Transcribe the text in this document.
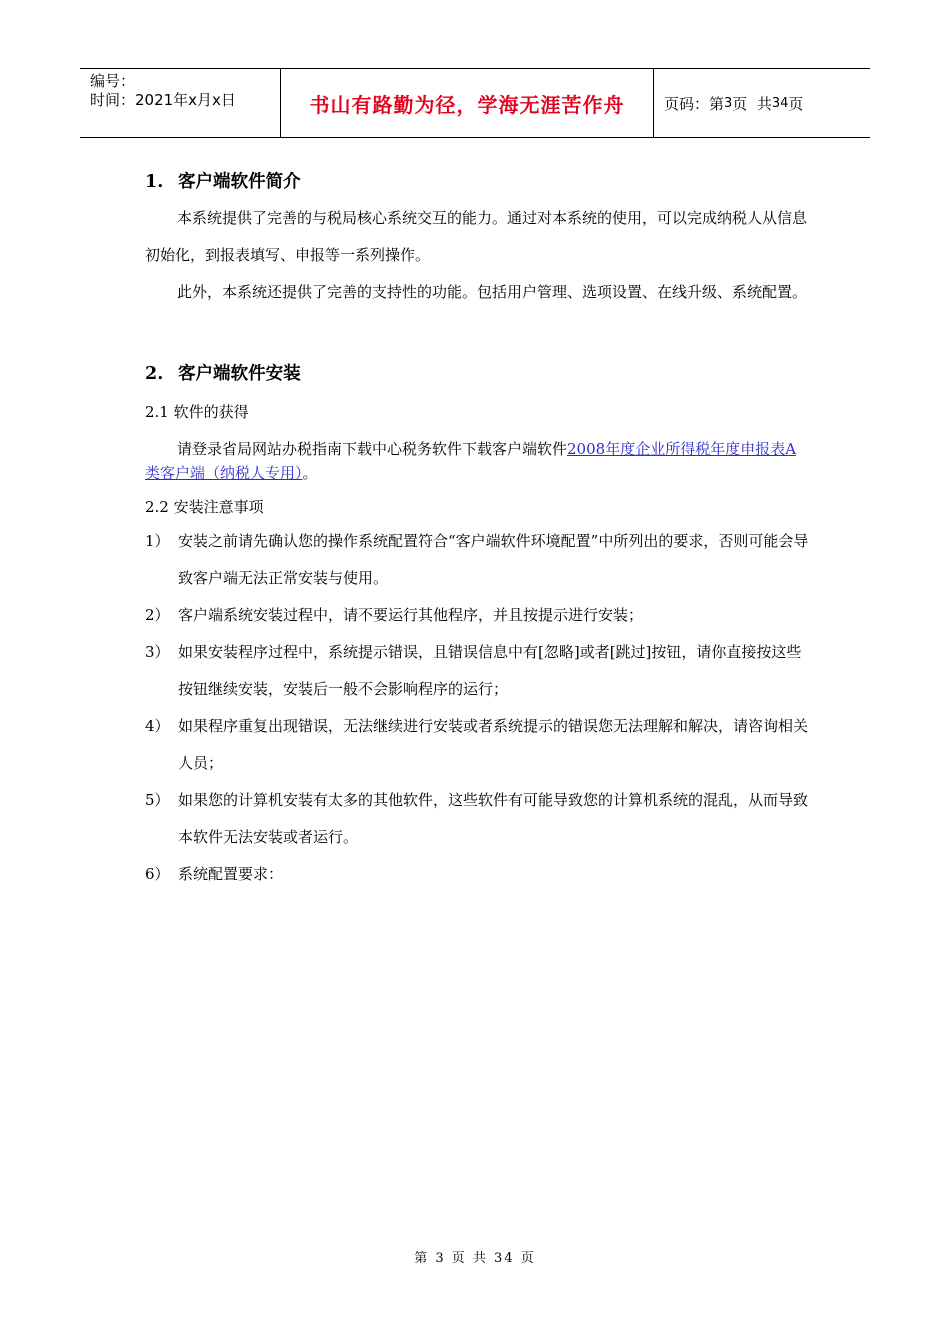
编号：
时间：2021年x月x日	书山有路勤为径，学海无涯苦作舟	页码：第 3 页  共 34 页
1. 客户端软件简介

本系统提供了完善的与税局核心系统交互的能力。通过对本系统的使用，可以完成纳税人从信息初始化，到报表填写、申报等一系列操作。

此外，本系统还提供了完善的支持性的功能。包括用户管理、选项设置、在线升级、系统配置。

2. 客户端软件安装

2.1 软件的获得

请登录省局网站办税指南下载中心税务软件下载客户端软件2008年度企业所得税年度申报表A类客户端（纳税人专用）。

2.2 安装注意事项

1） 安装之前请先确认您的操作系统配置符合“客户端软件环境配置”中所列出的要求，否则可能会导致客户端无法正常安装与使用。
2） 客户端系统安装过程中，请不要运行其他程序，并且按提示进行安装；
3） 如果安装程序过程中，系统提示错误，且错误信息中有[忽略]或者[跳过]按钮，请你直接按这些按钮继续安装，安装后一般不会影响程序的运行；
4） 如果程序重复出现错误，无法继续进行安装或者系统提示的错误您无法理解和解决，请咨询相关人员；
5） 如果您的计算机安装有太多的其他软件，这些软件有可能导致您的计算机系统的混乱，从而导致本软件无法安装或者运行。
6） 系统配置要求：
第 3 页 共 34 页
